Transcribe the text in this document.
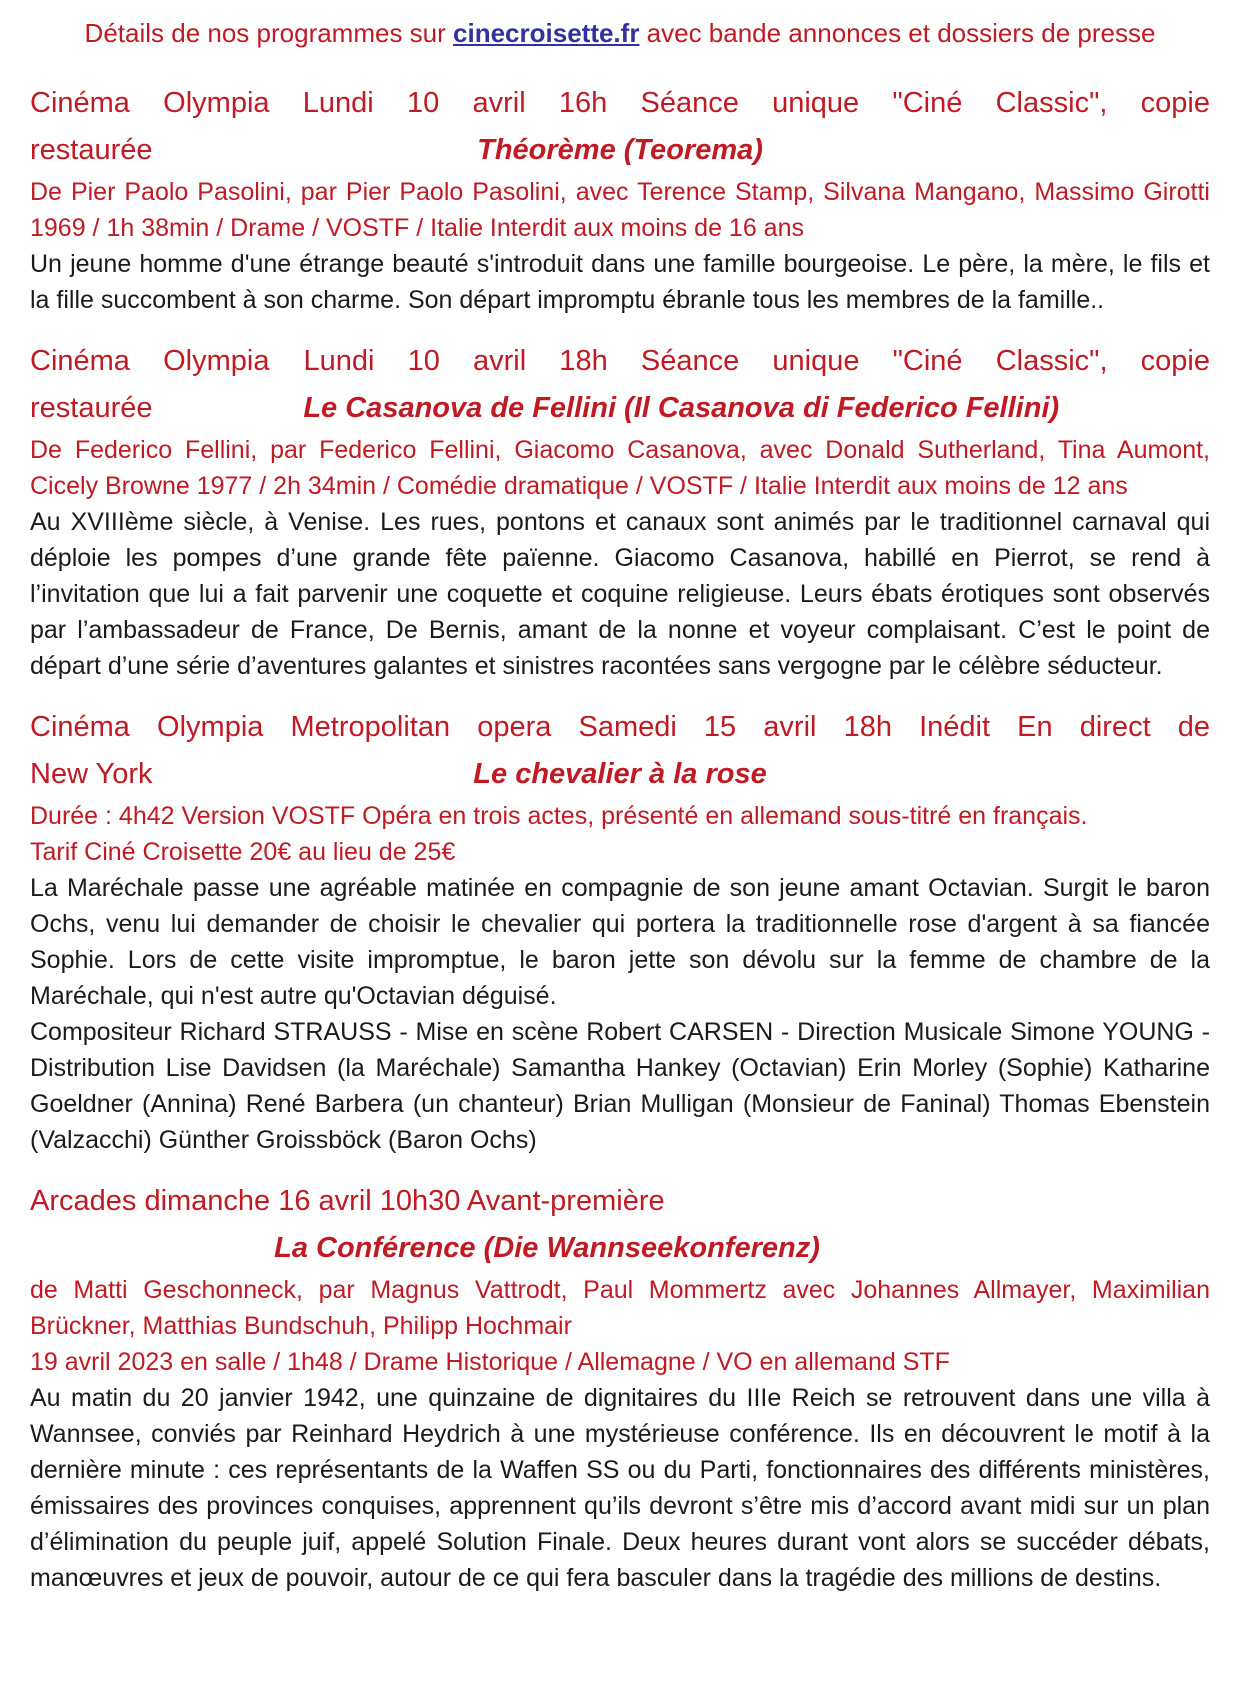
Détails de nos programmes sur cinecroisette.fr avec bande annonces et dossiers de presse

Cinéma Olympia Lundi 10 avril 16h Séance unique "Ciné Classic", copie
restaurée	Théorème (Teorema)

De Pier Paolo Pasolini, par Pier Paolo Pasolini, avec Terence Stamp, Silvana Mangano, Massimo Girotti 1969 / 1h 38min / Drame / VOSTF / Italie Interdit aux moins de 16 ans

Un jeune homme d'une étrange beauté s'introduit dans une famille bourgeoise. Le père, la mère, le fils et la fille succombent à son charme. Son départ impromptu ébranle tous les membres de la famille..

Cinéma Olympia Lundi 10 avril 18h Séance unique "Ciné Classic", copie
restaurée	Le Casanova de Fellini (Il Casanova di Federico Fellini)

De Federico Fellini, par Federico Fellini, Giacomo Casanova, avec Donald Sutherland, Tina Aumont, Cicely Browne 1977 / 2h 34min / Comédie dramatique / VOSTF / Italie Interdit aux moins de 12 ans

Au XVIIIème siècle, à Venise. Les rues, pontons et canaux sont animés par le traditionnel carnaval qui déploie les pompes d’une grande fête païenne. Giacomo Casanova, habillé en Pierrot, se rend à l’invitation que lui a fait parvenir une coquette et coquine religieuse. Leurs ébats érotiques sont observés par l’ambassadeur de France, De Bernis, amant de la nonne et voyeur complaisant. C’est le point de départ d’une série d’aventures galantes et sinistres racontées sans vergogne par le célèbre séducteur.

Cinéma Olympia Metropolitan opera Samedi 15 avril 18h Inédit En direct de
New York	Le chevalier à la rose

Durée : 4h42 Version VOSTF Opéra en trois actes, présenté en allemand sous-titré en français.

Tarif Ciné Croisette 20€ au lieu de 25€

La Maréchale passe une agréable matinée en compagnie de son jeune amant Octavian. Surgit le baron Ochs, venu lui demander de choisir le chevalier qui portera la traditionnelle rose d'argent à sa fiancée Sophie. Lors de cette visite impromptue, le baron jette son dévolu sur la femme de chambre de la Maréchale, qui n'est autre qu'Octavian déguisé.

Compositeur Richard STRAUSS - Mise en scène Robert CARSEN - Direction Musicale Simone YOUNG - Distribution Lise Davidsen (la Maréchale) Samantha Hankey (Octavian) Erin Morley (Sophie) Katharine Goeldner (Annina) René Barbera (un chanteur) Brian Mulligan (Monsieur de Faninal) Thomas Ebenstein (Valzacchi) Günther Groissböck (Baron Ochs)

Arcades dimanche 16 avril 10h30 Avant-première
La Conférence (Die Wannseekonferenz)

de Matti Geschonneck, par Magnus Vattrodt, Paul Mommertz avec Johannes Allmayer, Maximilian Brückner, Matthias Bundschuh, Philipp Hochmair

19 avril 2023 en salle / 1h48 / Drame Historique / Allemagne / VO en allemand STF

Au matin du 20 janvier 1942, une quinzaine de dignitaires du IIIe Reich se retrouvent dans une villa à Wannsee, conviés par Reinhard Heydrich à une mystérieuse conférence. Ils en découvrent le motif à la dernière minute : ces représentants de la Waffen SS ou du Parti, fonctionnaires des différents ministères, émissaires des provinces conquises, apprennent qu’ils devront s’être mis d’accord avant midi sur un plan d’élimination du peuple juif, appelé Solution Finale. Deux heures durant vont alors se succéder débats, manœuvres et jeux de pouvoir, autour de ce qui fera basculer dans la tragédie des millions de destins.
